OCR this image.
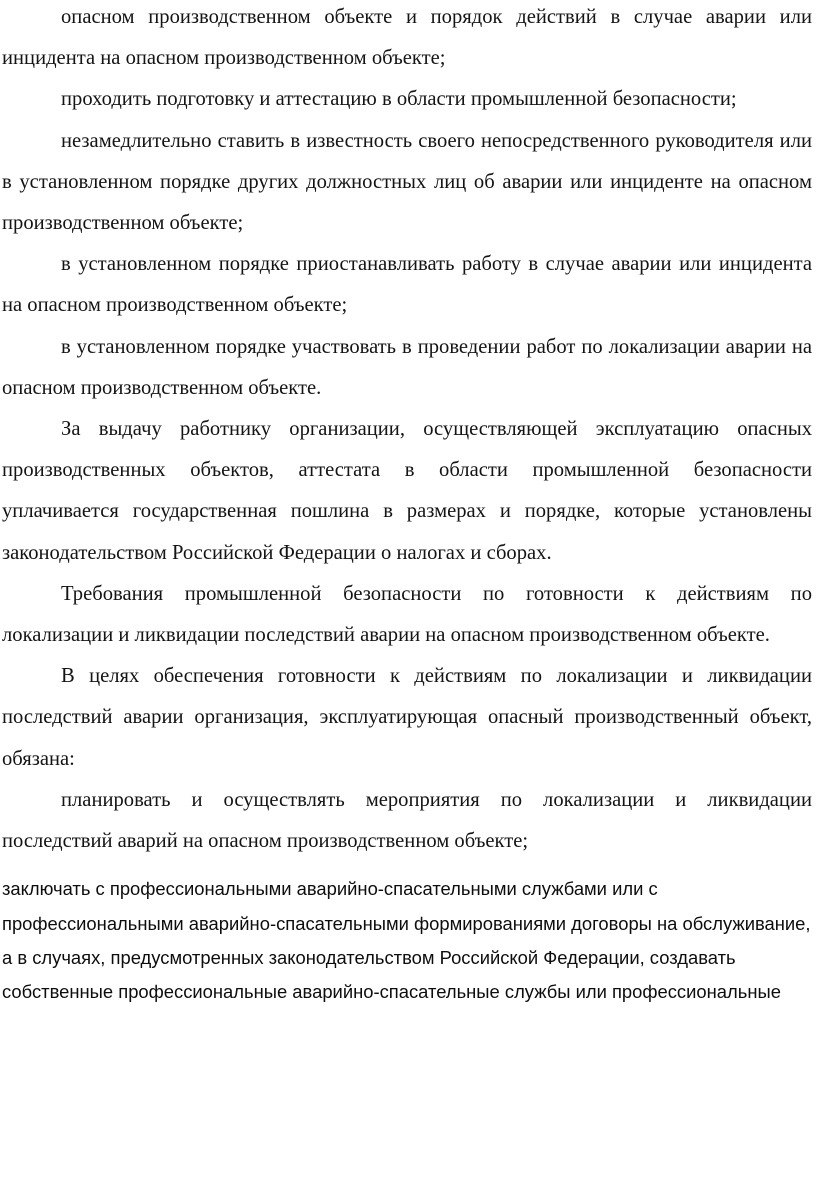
опасном производственном объекте и порядок действий в случае аварии или инцидента на опасном производственном объекте;

проходить подготовку и аттестацию в области промышленной безопасности;

незамедлительно ставить в известность своего непосредственного руководителя или в установленном порядке других должностных лиц об аварии или инциденте на опасном производственном объекте;

в установленном порядке приостанавливать работу в случае аварии или инцидента на опасном производственном объекте;

в установленном порядке участвовать в проведении работ по локализации аварии на опасном производственном объекте.

За выдачу работнику организации, осуществляющей эксплуатацию опасных производственных объектов, аттестата в области промышленной безопасности уплачивается государственная пошлина в размерах и порядке, которые установлены законодательством Российской Федерации о налогах и сборах.

Требования промышленной безопасности по готовности к действиям по локализации и ликвидации последствий аварии на опасном производственном объекте.

В целях обеспечения готовности к действиям по локализации и ликвидации последствий аварии организация, эксплуатирующая опасный производственный объект, обязана:

планировать и осуществлять мероприятия по локализации и ликвидации последствий аварий на опасном производственном объекте;

заключать с профессиональными аварийно-спасательными службами или с профессиональными аварийно-спасательными формированиями договоры на обслуживание, а в случаях, предусмотренных законодательством Российской Федерации, создавать собственные профессиональные аварийно-спасательные службы или профессиональные
